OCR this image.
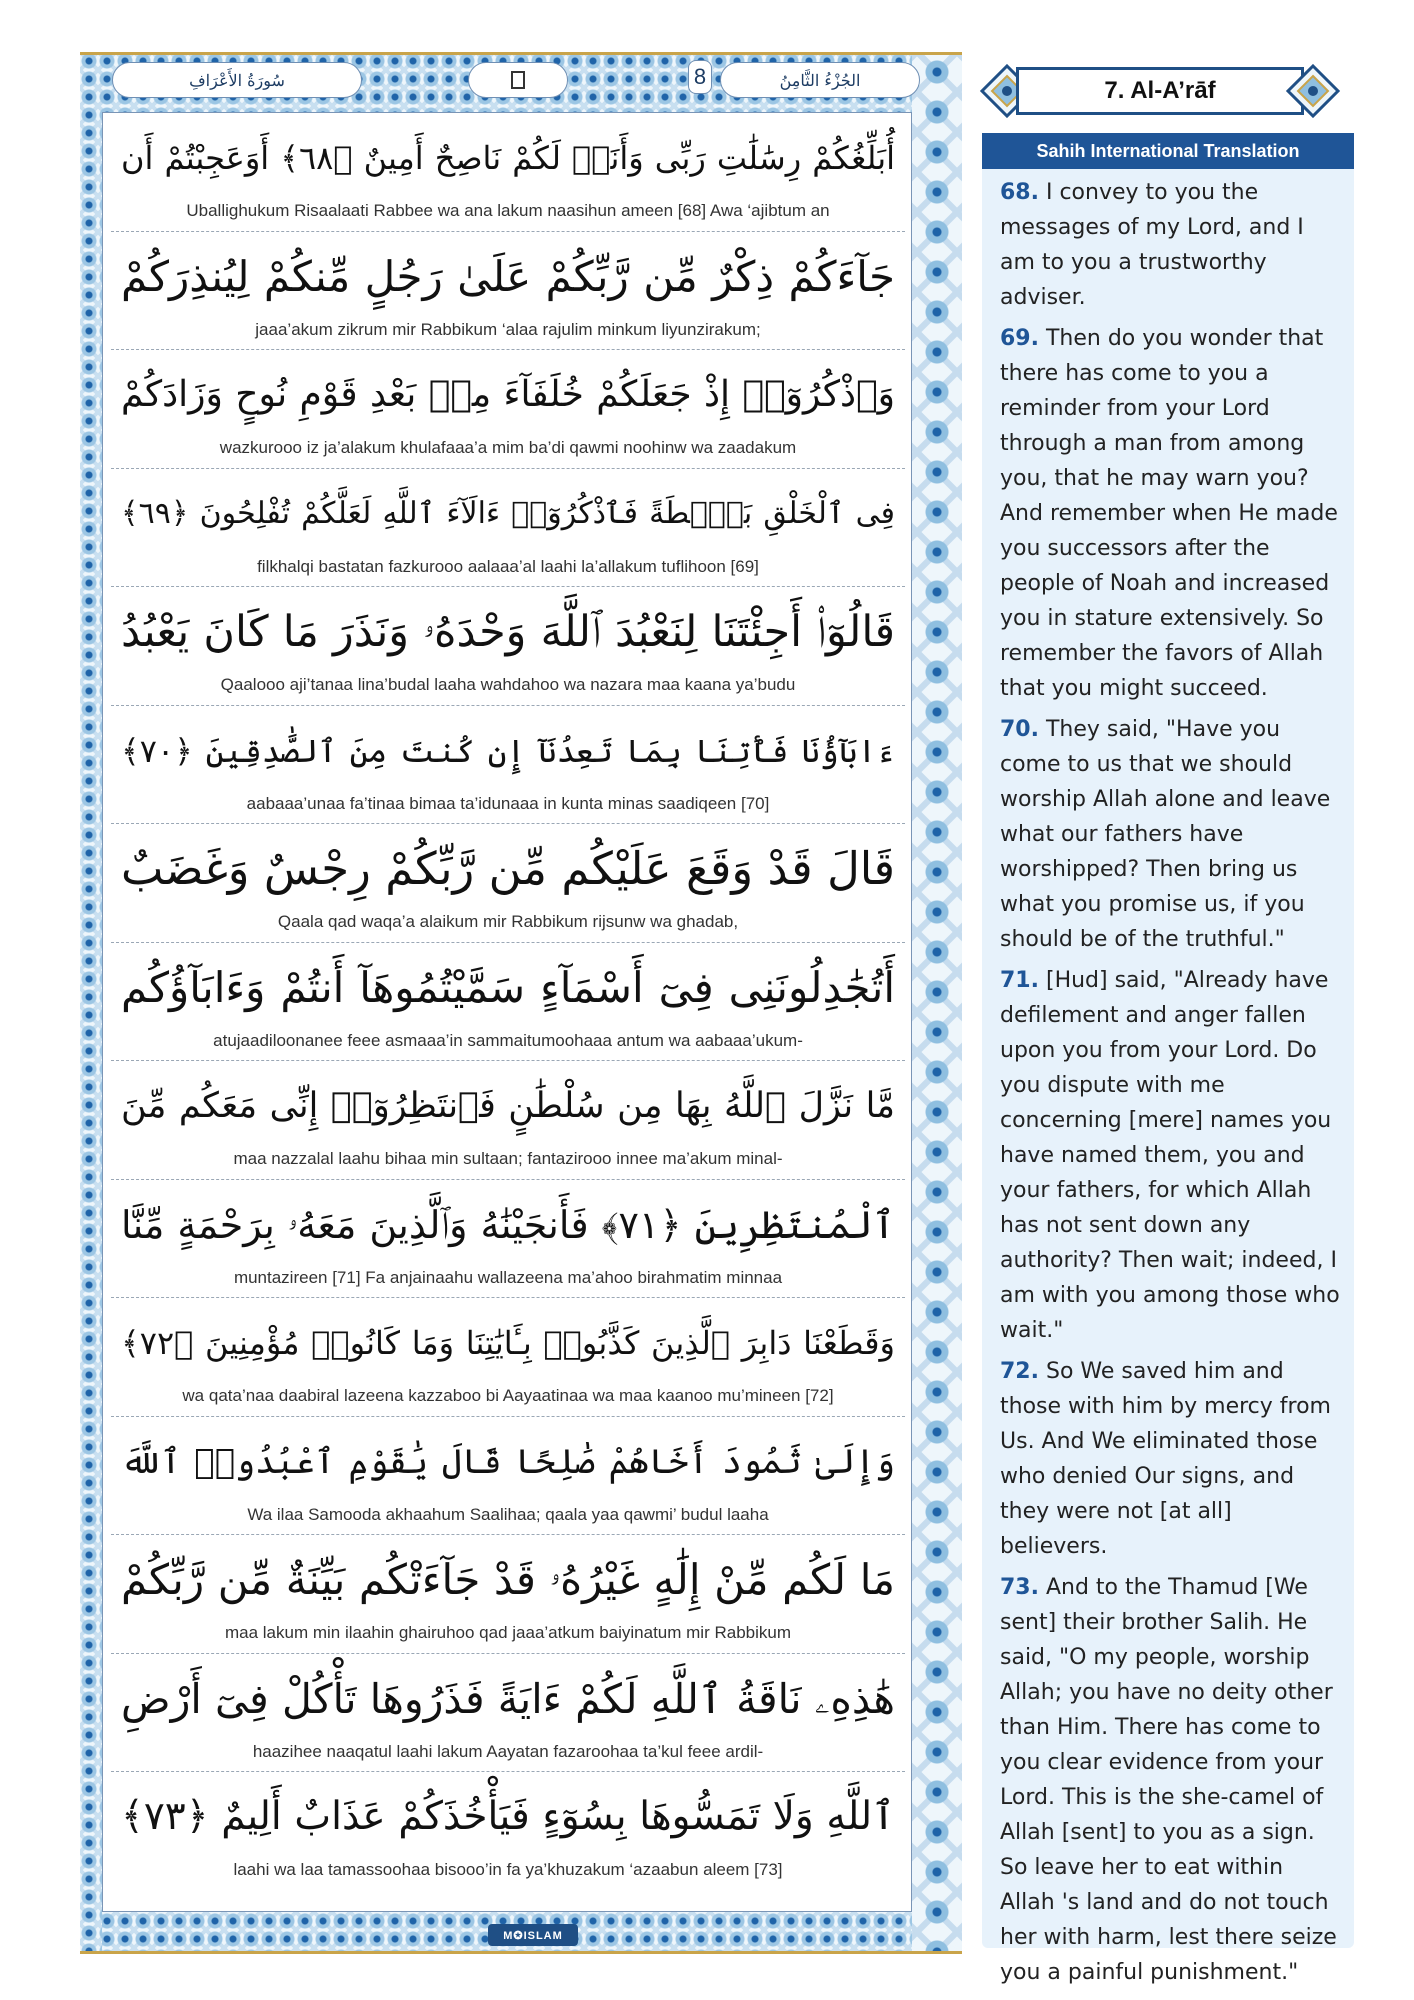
سُورَةُ الأَعْرَافِ	8	الجُزْءُ الثَّامِنُ
أُبَلِّغُكُمْ رِسَٰلَٰتِ رَبِّى وَأَنَا۠ لَكُمْ نَاصِحٌ أَمِينٌ ﴿٦٨﴾ أَوَعَجِبْتُمْ أَن
Uballighukum Risaalaati Rabbee wa ana lakum naasihun ameen [68] Awa ‘ajibtum an
جَآءَكُمْ ذِكْرٌ مِّن رَّبِّكُمْ عَلَىٰ رَجُلٍ مِّنكُمْ لِيُنذِرَكُمْ
jaaa’akum zikrum mir Rabbikum ‘alaa rajulim minkum liyunzirakum;
وَٱذْكُرُوٓا۟ إِذْ جَعَلَكُمْ خُلَفَآءَ مِنۢ بَعْدِ قَوْمِ نُوحٍ وَزَادَكُمْ
wazkurooo iz ja’alakum khulafaaa’a mim ba’di qawmi noohinw wa zaadakum
فِى ٱلْخَلْقِ بَصْۜطَةً فَٱذْكُرُوٓا۟ ءَالَآءَ ٱللَّهِ لَعَلَّكُمْ تُفْلِحُونَ ﴿٦٩﴾
filkhalqi bastatan fazkurooo aalaaa’al laahi la’allakum tuflihoon [69]
قَالُوٓا۟ أَجِئْتَنَا لِنَعْبُدَ ٱللَّهَ وَحْدَهُۥ وَنَذَرَ مَا كَانَ يَعْبُدُ
Qaalooo aji’tanaa lina’budal laaha wahdahoo wa nazara maa kaana ya’budu
ءَابَآؤُنَا فَأْتِنَا بِمَا تَعِدُنَآ إِن كُنتَ مِنَ ٱلصَّٰدِقِينَ ﴿٧٠﴾
aabaaa’unaa fa’tinaa bimaa ta’idunaaa in kunta minas saadiqeen [70]
قَالَ قَدْ وَقَعَ عَلَيْكُم مِّن رَّبِّكُمْ رِجْسٌ وَغَضَبٌ
Qaala qad waqa’a alaikum mir Rabbikum rijsunw wa ghadab,
أَتُجَٰدِلُونَنِى فِىٓ أَسْمَآءٍ سَمَّيْتُمُوهَآ أَنتُمْ وَءَابَآؤُكُم
atujaadiloonanee feee asmaaa’in sammaitumoohaaa antum wa aabaaa’ukum-
مَّا نَزَّلَ ٱللَّهُ بِهَا مِن سُلْطَٰنٍ فَٱنتَظِرُوٓا۟ إِنِّى مَعَكُم مِّنَ
maa nazzalal laahu bihaa min sultaan; fantazirooo innee ma’akum minal-
ٱلْمُنتَظِرِينَ ﴿٧١﴾ فَأَنجَيْنَٰهُ وَٱلَّذِينَ مَعَهُۥ بِرَحْمَةٍ مِّنَّا
muntazireen [71] Fa anjainaahu wallazeena ma’ahoo birahmatim minnaa
وَقَطَعْنَا دَابِرَ ٱلَّذِينَ كَذَّبُوا۟ بِـَٔايَٰتِنَا وَمَا كَانُوا۟ مُؤْمِنِينَ ﴿٧٢﴾
wa qata’naa daabiral lazeena kazzaboo bi Aayaatinaa wa maa kaanoo mu’mineen [72]
وَإِلَىٰ ثَمُودَ أَخَاهُمْ صَٰلِحًا قَالَ يَٰقَوْمِ ٱعْبُدُوا۟ ٱللَّهَ
Wa ilaa Samooda akhaahum Saalihaa; qaala yaa qawmi’ budul laaha
مَا لَكُم مِّنْ إِلَٰهٍ غَيْرُهُۥ قَدْ جَآءَتْكُم بَيِّنَةٌ مِّن رَّبِّكُمْ
maa lakum min ilaahin ghairuhoo qad jaaa’atkum baiyinatum mir Rabbikum
هَٰذِهِۦ نَاقَةُ ٱللَّهِ لَكُمْ ءَايَةً فَذَرُوهَا تَأْكُلْ فِىٓ أَرْضِ
haazihee naaqatul laahi lakum Aayatan fazaroohaa ta’kul feee ardil-
ٱللَّهِ وَلَا تَمَسُّوهَا بِسُوٓءٍ فَيَأْخُذَكُمْ عَذَابٌ أَلِيمٌ ﴿٧٣﴾
laahi wa laa tamassoohaa bisooo’in fa ya’khuzakum ‘azaabun aleem [73]
M✪ISLAM
7. Al-A’rāf
Sahih International Translation

68. I convey to you the messages of my Lord, and I am to you a trustworthy adviser.

69. Then do you wonder that there has come to you a reminder from your Lord through a man from among you, that he may warn you? And remember when He made you successors after the people of Noah and increased you in stature extensively. So remember the favors of Allah that you might succeed.

70. They said, "Have you come to us that we should worship Allah alone and leave what our fathers have worshipped? Then bring us what you promise us, if you should be of the truthful."

71. [Hud] said, "Already have defilement and anger fallen upon you from your Lord. Do you dispute with me concerning [mere] names you have named them, you and your fathers, for which Allah has not sent down any authority? Then wait; indeed, I am with you among those who wait."

72. So We saved him and those with him by mercy from Us. And We eliminated those who denied Our signs, and they were not [at all] believers.

73. And to the Thamud [We sent] their brother Salih. He said, "O my people, worship Allah; you have no deity other than Him. There has come to you clear evidence from your Lord. This is the she-camel of Allah [sent] to you as a sign. So leave her to eat within Allah 's land and do not touch her with harm, lest there seize you a painful punishment."
